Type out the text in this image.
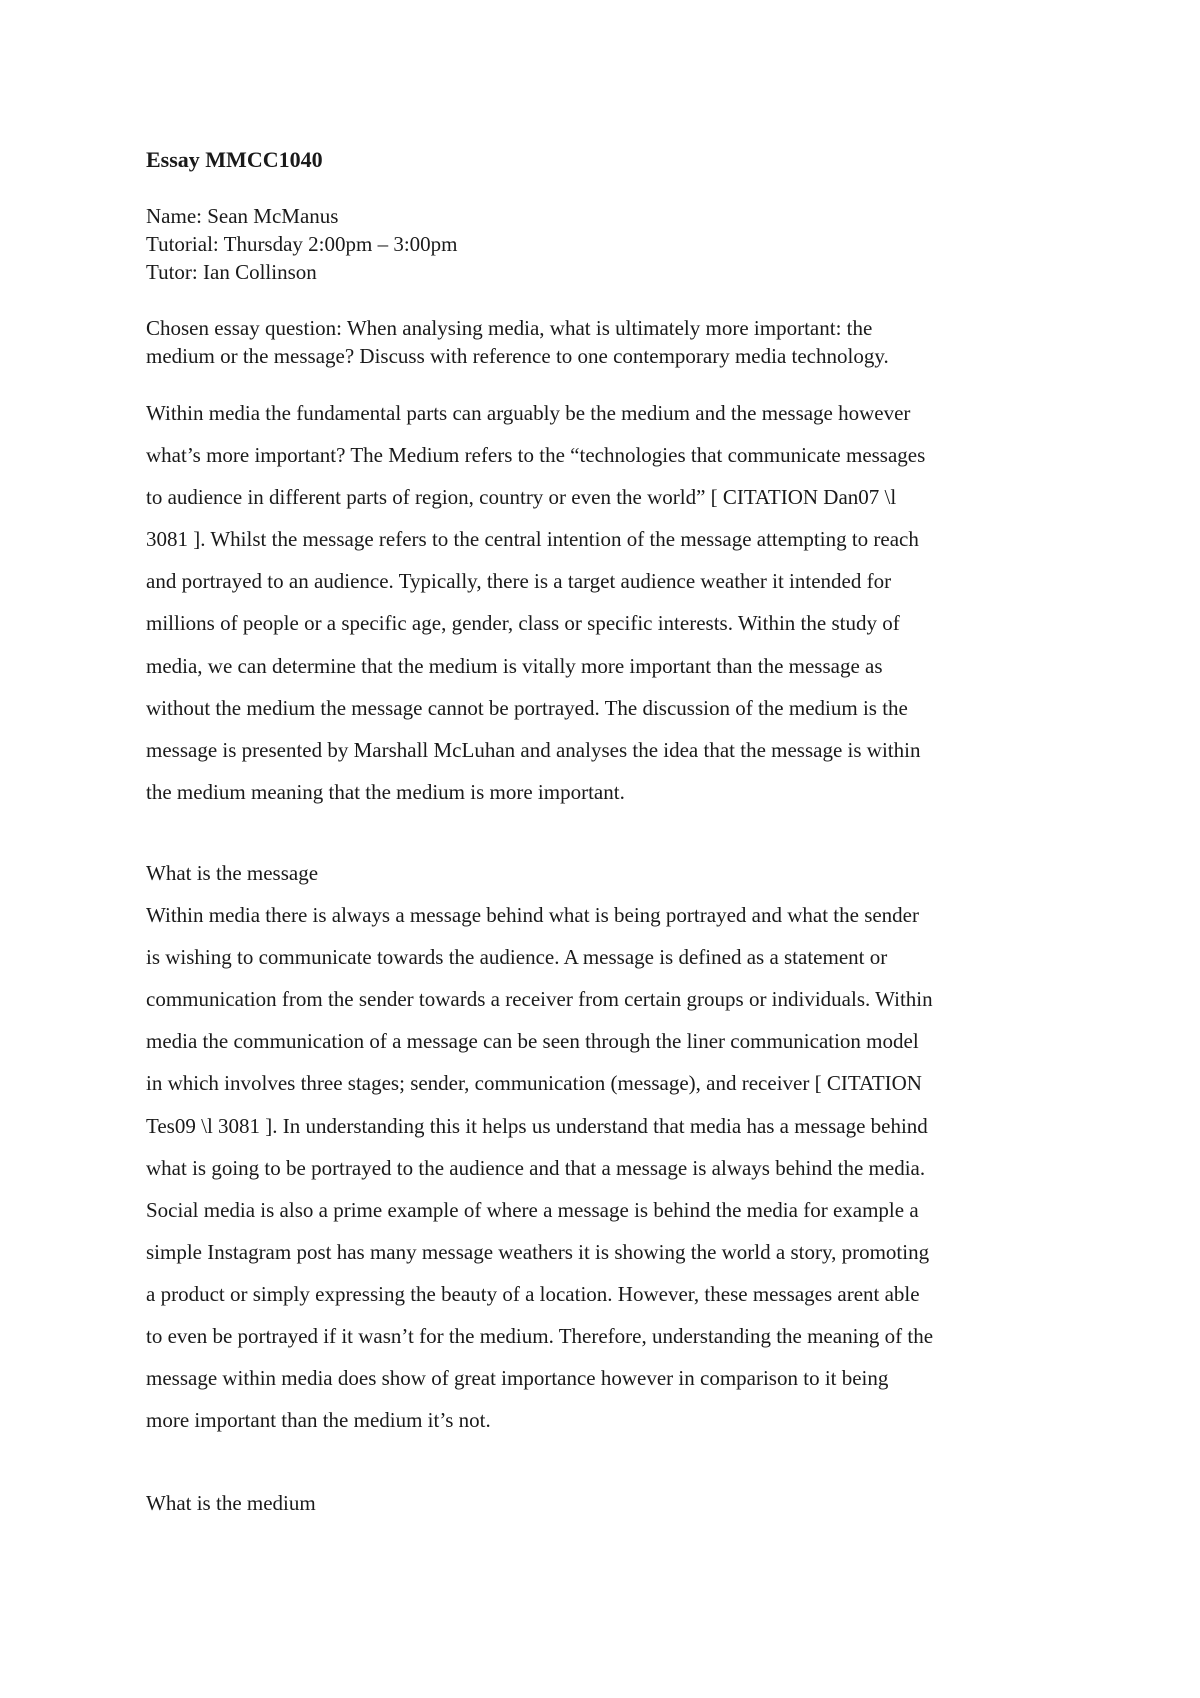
Essay MMCC1040
Name: Sean McManus
Tutorial: Thursday 2:00pm – 3:00pm
Tutor: Ian Collinson
Chosen essay question: When analysing media, what is ultimately more important: the
medium or the message? Discuss with reference to one contemporary media technology.
Within media the fundamental parts can arguably be the medium and the message however
what’s more important? The Medium refers to the “technologies that communicate messages
to audience in different parts of region, country or even the world” [ CITATION Dan07 \l
3081 ]. Whilst the message refers to the central intention of the message attempting to reach
and portrayed to an audience. Typically, there is a target audience weather it intended for
millions of people or a specific age, gender, class or specific interests. Within the study of
media, we can determine that the medium is vitally more important than the message as
without the medium the message cannot be portrayed. The discussion of the medium is the
message is presented by Marshall McLuhan and analyses the idea that the message is within
the medium meaning that the medium is more important.
What is the message
Within media there is always a message behind what is being portrayed and what the sender
is wishing to communicate towards the audience. A message is defined as a statement or
communication from the sender towards a receiver from certain groups or individuals. Within
media the communication of a message can be seen through the liner communication model
in which involves three stages; sender, communication (message), and receiver [ CITATION
Tes09 \l 3081 ]. In understanding this it helps us understand that media has a message behind
what is going to be portrayed to the audience and that a message is always behind the media.
Social media is also a prime example of where a message is behind the media for example a
simple Instagram post has many message weathers it is showing the world a story, promoting
a product or simply expressing the beauty of a location. However, these messages arent able
to even be portrayed if it wasn’t for the medium. Therefore, understanding the meaning of the
message within media does show of great importance however in comparison to it being
more important than the medium it’s not.
What is the medium
